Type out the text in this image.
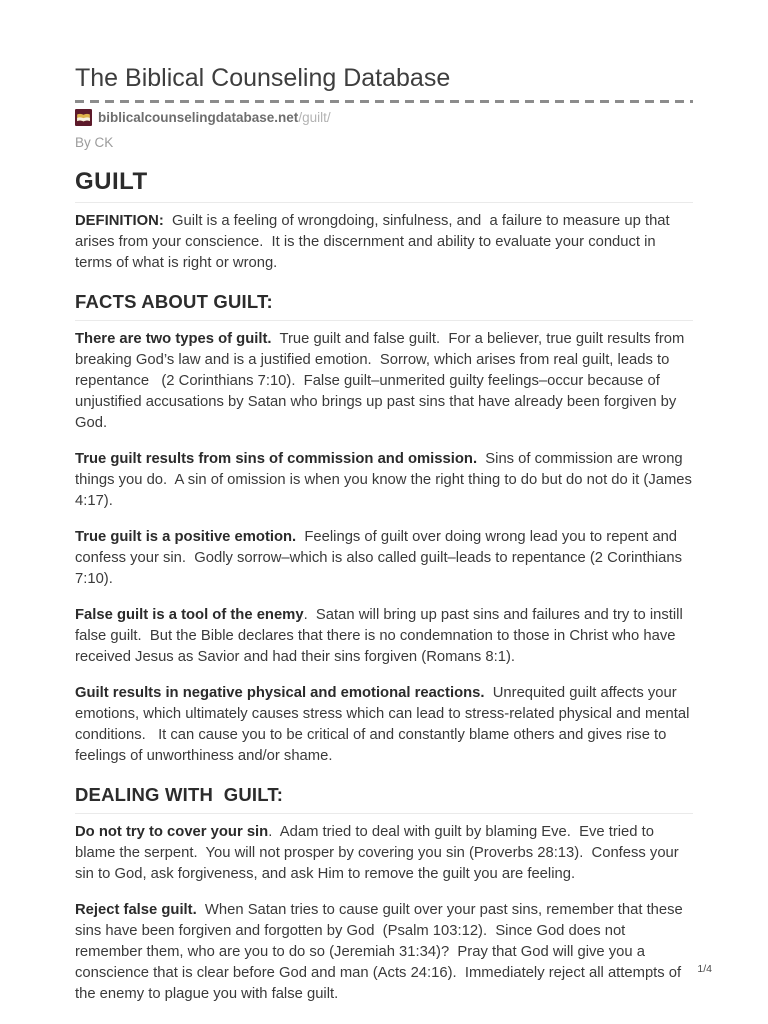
The Biblical Counseling Database
biblicalcounselingdatabase.net/guilt/
By CK
GUILT

DEFINITION:  Guilt is a feeling of wrongdoing, sinfulness, and  a failure to measure up that arises from your conscience.  It is the discernment and ability to evaluate your conduct in terms of what is right or wrong.

FACTS ABOUT GUILT:

There are two types of guilt.  True guilt and false guilt.  For a believer, true guilt results from breaking God’s law and is a justified emotion.  Sorrow, which arises from real guilt, leads to repentance   (2 Corinthians 7:10).  False guilt–unmerited guilty feelings–occur because of  unjustified accusations by Satan who brings up past sins that have already been forgiven by God.

True guilt results from sins of commission and omission.  Sins of commission are wrong things you do.  A sin of omission is when you know the right thing to do but do not do it (James 4:17).

True guilt is a positive emotion.  Feelings of guilt over doing wrong lead you to repent and confess your sin.  Godly sorrow–which is also called guilt–leads to repentance (2 Corinthians 7:10).

False guilt is a tool of the enemy.  Satan will bring up past sins and failures and try to instill false guilt.  But the Bible declares that there is no condemnation to those in Christ who have received Jesus as Savior and had their sins forgiven (Romans 8:1).

Guilt results in negative physical and emotional reactions.  Unrequited guilt affects your emotions, which ultimately causes stress which can lead to stress-related physical and mental conditions.   It can cause you to be critical of and constantly blame others and gives rise to feelings of unworthiness and/or shame.

DEALING WITH  GUILT:

Do not try to cover your sin.  Adam tried to deal with guilt by blaming Eve.  Eve tried to blame the serpent.  You will not prosper by covering you sin (Proverbs 28:13).  Confess your sin to God, ask forgiveness, and ask Him to remove the guilt you are feeling.

Reject false guilt.  When Satan tries to cause guilt over your past sins, remember that these sins have been forgiven and forgotten by God  (Psalm 103:12).  Since God does not remember them, who are you to do so (Jeremiah 31:34)?  Pray that God will give you a conscience that is clear before God and man (Acts 24:16).  Immediately reject all attempts of the enemy to plague you with false guilt.

1/4
